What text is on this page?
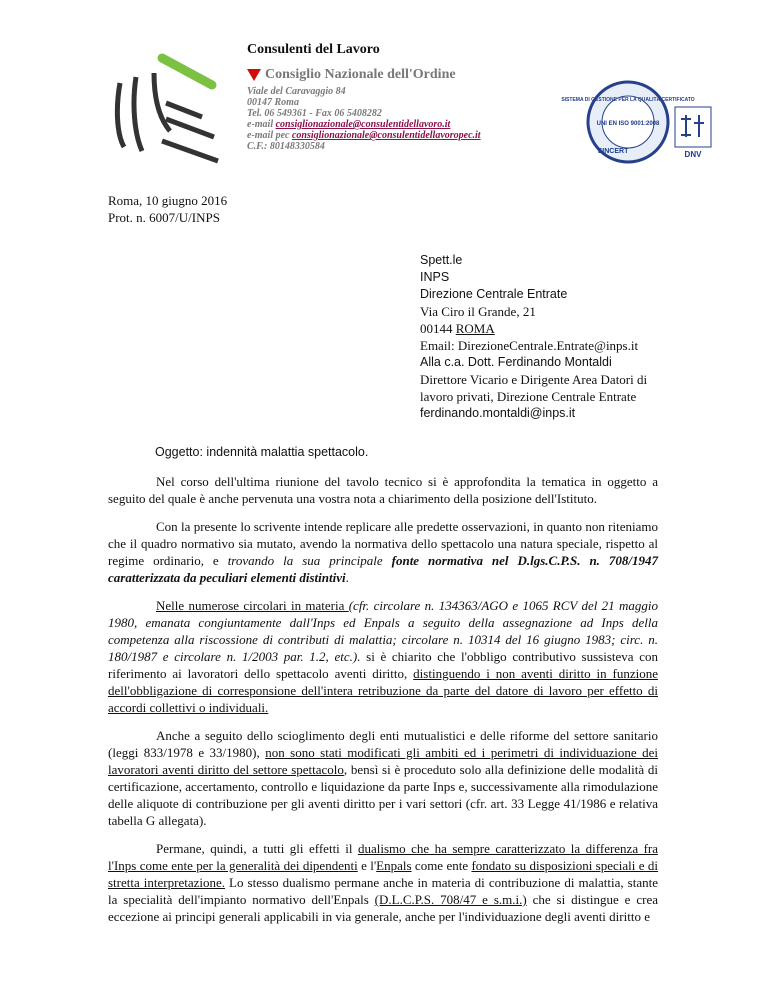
Consulenti del Lavoro
Consiglio Nazionale dell'Ordine
Viale del Caravaggio 84
00147 Roma
Tel. 06 549361 - Fax 06 5408282
e-mail consiglionazionale@consulentidellavoro.it
e-mail pec consiglionazionale@consulentidellavoropec.it
C.F.: 80148330584
SISTEMA DI GESTIONE PER LA QUALITÀ CERTIFICATO
UNI EN ISO 9001:2008
SINCERT	DNV
Roma, 10 giugno 2016
Prot. n. 6007/U/INPS
Spett.le
INPS
Direzione Centrale Entrate
Via Ciro il Grande, 21
00144 ROMA
Email: DirezioneCentrale.Entrate@inps.it
Alla c.a. Dott. Ferdinando Montaldi
Direttore Vicario e Dirigente Area Datori di
lavoro privati, Direzione Centrale Entrate
ferdinando.montaldi@inps.it
Oggetto: indennità malattia spettacolo.

Nel corso dell'ultima riunione del tavolo tecnico si è approfondita la tematica in oggetto a seguito del quale è anche pervenuta una vostra nota a chiarimento della posizione dell'Istituto.

Con la presente lo scrivente intende replicare alle predette osservazioni, in quanto non riteniamo che il quadro normativo sia mutato, avendo la normativa dello spettacolo una natura speciale, rispetto al regime ordinario, e trovando la sua principale fonte normativa nel D.lgs.C.P.S. n. 708/1947 caratterizzata da peculiari elementi distintivi.

Nelle numerose circolari in materia (cfr. circolare n. 134363/AGO e 1065 RCV del 21 maggio 1980, emanata congiuntamente dall'Inps ed Enpals a seguito della assegnazione ad Inps della competenza alla riscossione di contributi di malattia; circolare n. 10314 del 16 giugno 1983; circ. n. 180/1987 e circolare n. 1/2003 par. 1.2, etc.). si è chiarito che l'obbligo contributivo sussisteva con riferimento ai lavoratori dello spettacolo aventi diritto, distinguendo i non aventi diritto in funzione dell'obbligazione di corresponsione dell'intera retribuzione da parte del datore di lavoro per effetto di accordi collettivi o individuali.

Anche a seguito dello scioglimento degli enti mutualistici e delle riforme del settore sanitario (leggi 833/1978 e 33/1980), non sono stati modificati gli ambiti ed i perimetri di individuazione dei lavoratori aventi diritto del settore spettacolo, bensì si è proceduto solo alla definizione delle modalità di certificazione, accertamento, controllo e liquidazione da parte Inps e, successivamente alla rimodulazione delle aliquote di contribuzione per gli aventi diritto per i vari settori (cfr. art. 33 Legge 41/1986 e relativa tabella G allegata).

Permane, quindi, a tutti gli effetti il dualismo che ha sempre caratterizzato la differenza fra l'Inps come ente per la generalità dei dipendenti e l'Enpals come ente fondato su disposizioni speciali e di stretta interpretazione. Lo stesso dualismo permane anche in materia di contribuzione di malattia, stante la specialità dell'impianto normativo dell'Enpals (D.L.C.P.S. 708/47 e s.m.i.) che si distingue e crea eccezione ai principi generali applicabili in via generale, anche per l'individuazione degli aventi diritto e
